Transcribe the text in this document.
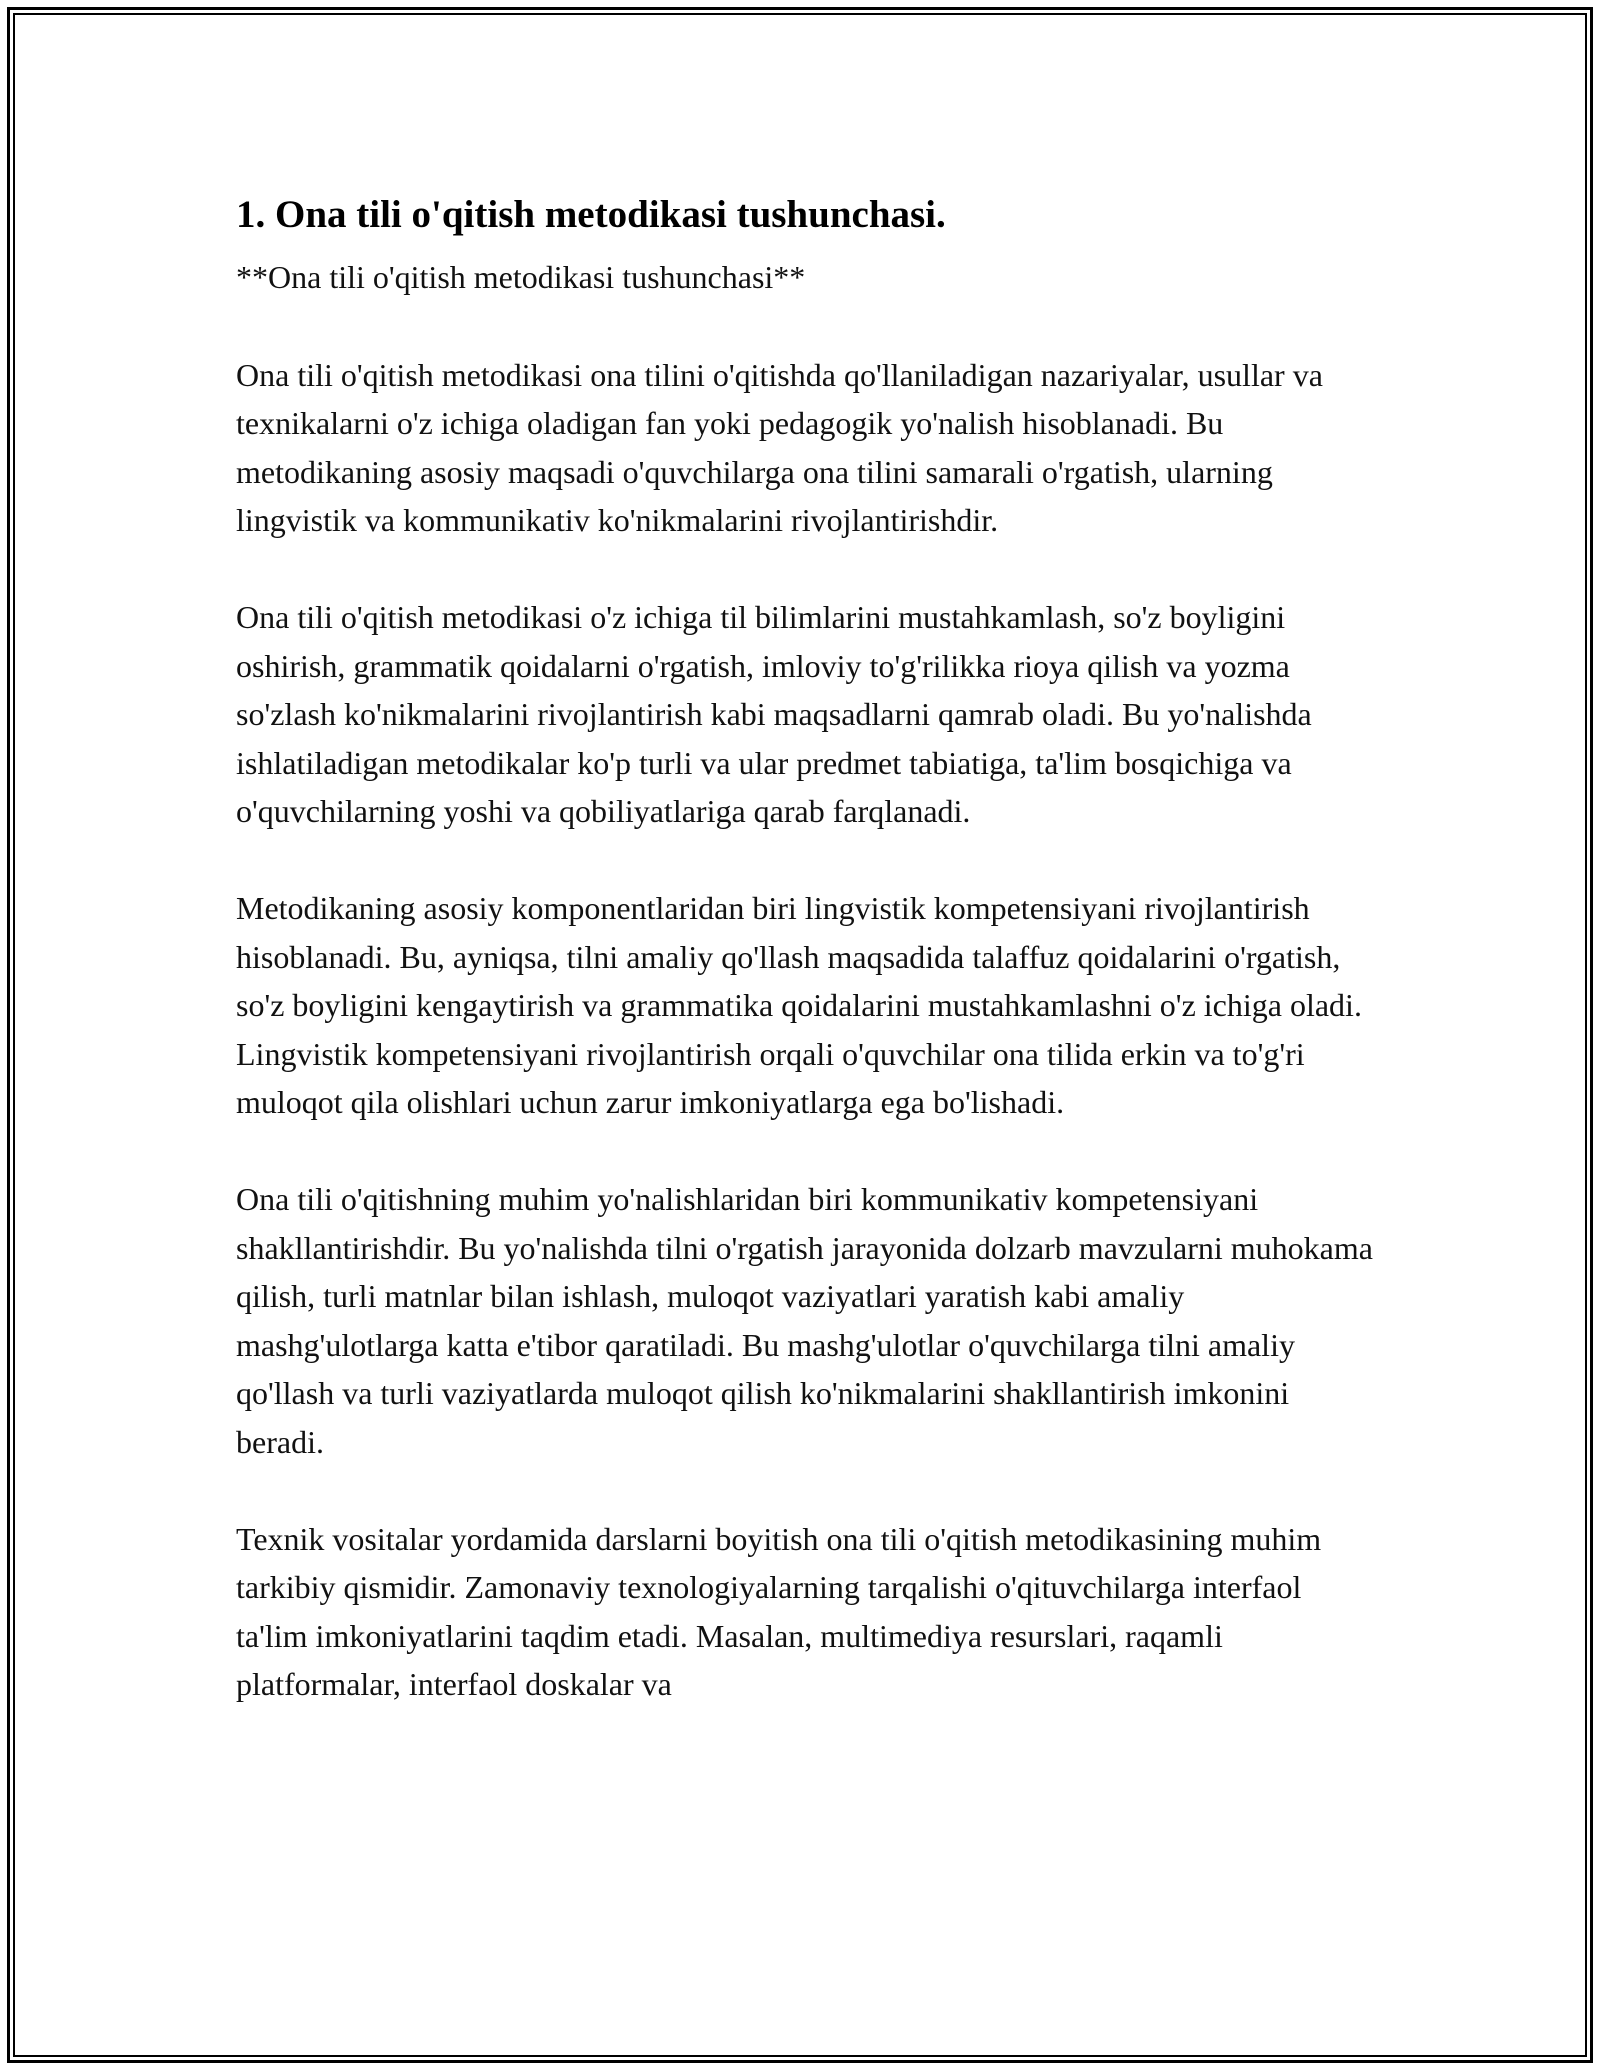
1. Ona tili o'qitish metodikasi tushunchasi.
**Ona tili o'qitish metodikasi tushunchasi**

Ona tili o'qitish metodikasi ona tilini o'qitishda qo'llaniladigan nazariyalar, usullar va texnikalarni o'z ichiga oladigan fan yoki pedagogik yo'nalish hisoblanadi. Bu metodikaning asosiy maqsadi o'quvchilarga ona tilini samarali o'rgatish, ularning lingvistik va kommunikativ ko'nikmalarini rivojlantirishdir.

Ona tili o'qitish metodikasi o'z ichiga til bilimlarini mustahkamlash, so'z boyligini oshirish, grammatik qoidalarni o'rgatish, imloviy to'g'rilikka rioya qilish va yozma so'zlash ko'nikmalarini rivojlantirish kabi maqsadlarni qamrab oladi. Bu yo'nalishda ishlatiladigan metodikalar ko'p turli va ular predmet tabiatiga, ta'lim bosqichiga va o'quvchilarning yoshi va qobiliyatlariga qarab farqlanadi.

Metodikaning asosiy komponentlaridan biri lingvistik kompetensiyani rivojlantirish hisoblanadi. Bu, ayniqsa, tilni amaliy qo'llash maqsadida talaffuz qoidalarini o'rgatish, so'z boyligini kengaytirish va grammatika qoidalarini mustahkamlashni o'z ichiga oladi. Lingvistik kompetensiyani rivojlantirish orqali o'quvchilar ona tilida erkin va to'g'ri muloqot qila olishlari uchun zarur imkoniyatlarga ega bo'lishadi.

Ona tili o'qitishning muhim yo'nalishlaridan biri kommunikativ kompetensiyani shakllantirishdir. Bu yo'nalishda tilni o'rgatish jarayonida dolzarb mavzularni muhokama qilish, turli matnlar bilan ishlash, muloqot vaziyatlari yaratish kabi amaliy mashg'ulotlarga katta e'tibor qaratiladi. Bu mashg'ulotlar o'quvchilarga tilni amaliy qo'llash va turli vaziyatlarda muloqot qilish ko'nikmalarini shakllantirish imkonini beradi.

Texnik vositalar yordamida darslarni boyitish ona tili o'qitish metodikasining muhim tarkibiy qismidir. Zamonaviy texnologiyalarning tarqalishi o'qituvchilarga interfaol ta'lim imkoniyatlarini taqdim etadi. Masalan, multimediya resurslari, raqamli platformalar, interfaol doskalar va
